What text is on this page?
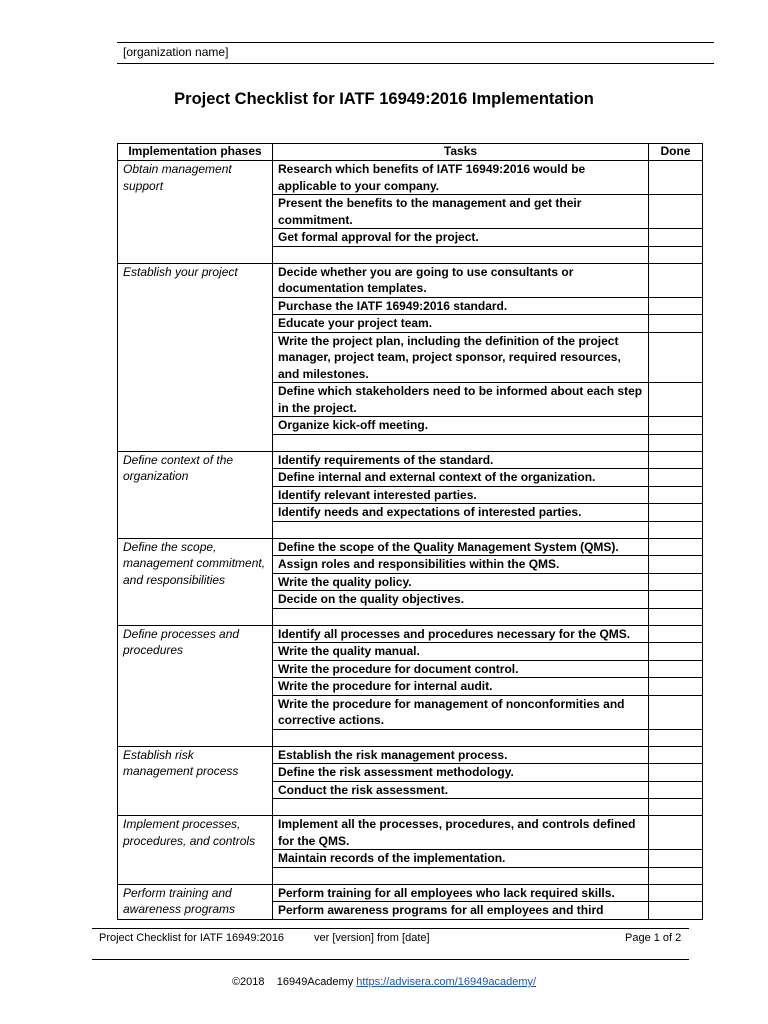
[organization name]
Project Checklist for IATF 16949:2016 Implementation
Implementation phases	Tasks	Done
Obtain management support	Research which benefits of IATF 16949:2016 would be applicable to your company.	
	Present the benefits to the management and get their commitment.	
	Get formal approval for the project.	

Establish your project	Decide whether you are going to use consultants or documentation templates.	
	Purchase the IATF 16949:2016 standard.	
	Educate your project team.	
	Write the project plan, including the definition of the project manager, project team, project sponsor, required resources, and milestones.	
	Define which stakeholders need to be informed about each step in the project.	
	Organize kick-off meeting.	

Define context of the organization	Identify requirements of the standard.	
	Define internal and external context of the organization.	
	Identify relevant interested parties.	
	Identify needs and expectations of interested parties.	

Define the scope, management commitment, and responsibilities	Define the scope of the Quality Management System (QMS).	
	Assign roles and responsibilities within the QMS.	
	Write the quality policy.	
	Decide on the quality objectives.	

Define processes and procedures	Identify all processes and procedures necessary for the QMS.	
	Write the quality manual.	
	Write the procedure for document control.	
	Write the procedure for internal audit.	
	Write the procedure for management of nonconformities and corrective actions.	

Establish risk management process	Establish the risk management process.	
	Define the risk assessment methodology.	
	Conduct the risk assessment.	

Implement processes, procedures, and controls	Implement all the processes, procedures, and controls defined for the QMS.	
	Maintain records of the implementation.	

Perform training and awareness programs	Perform training for all employees who lack required skills.	
	Perform awareness programs for all employees and third	
Project Checklist for IATF 16949:2016	ver [version] from [date]	Page 1 of 2
©2018 16949Academy https://advisera.com/16949academy/
